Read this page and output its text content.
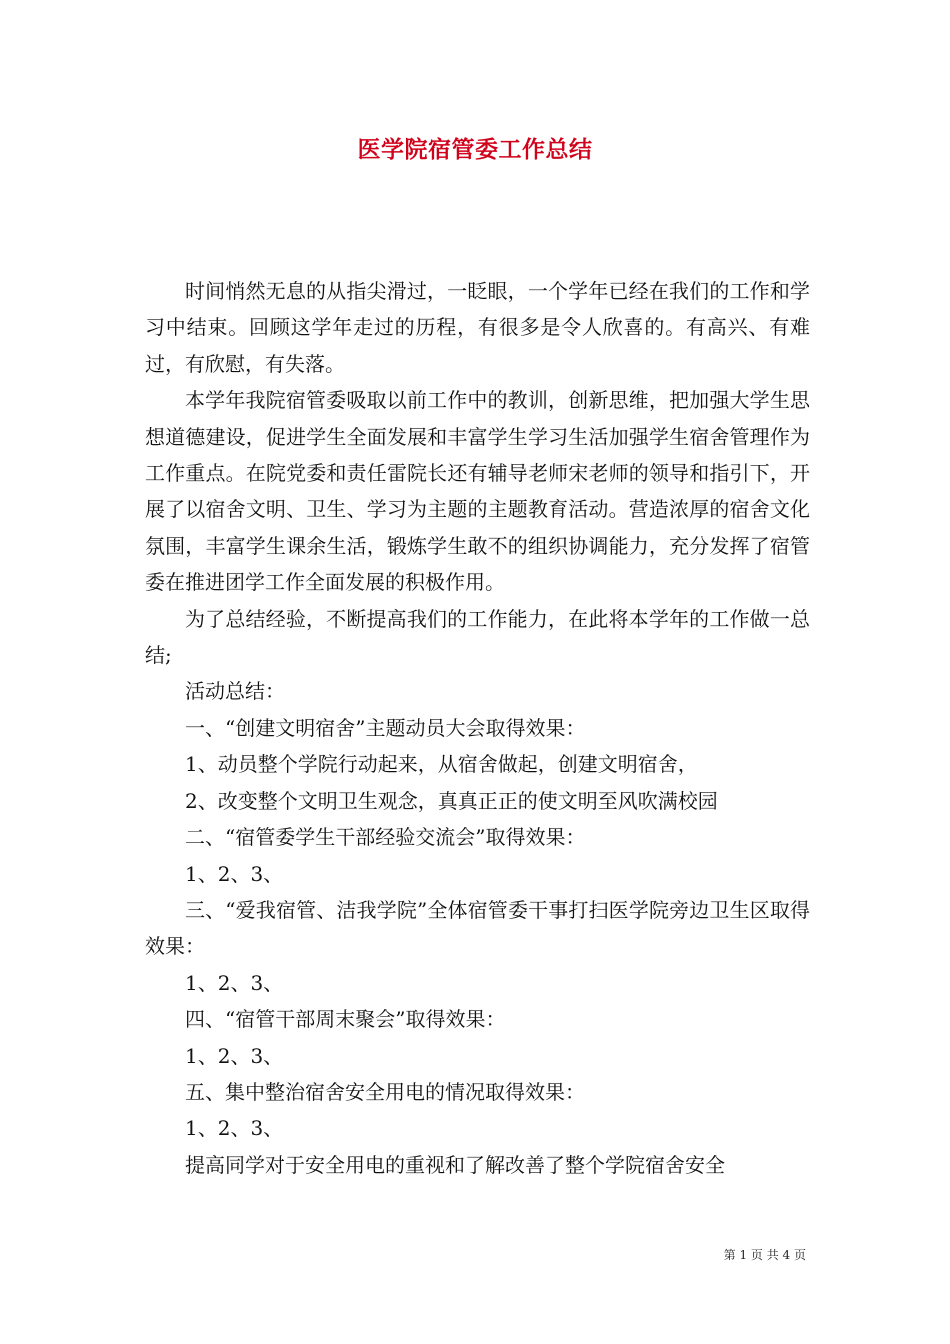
医学院宿管委工作总结

时间悄然无息的从指尖滑过，一眨眼，一个学年已经在我们的工作和学习中结束。回顾这学年走过的历程，有很多是令人欣喜的。有高兴、有难过，有欣慰，有失落。

本学年我院宿管委吸取以前工作中的教训，创新思维，把加强大学生思想道德建设，促进学生全面发展和丰富学生学习生活加强学生宿舍管理作为工作重点。在院党委和责任雷院长还有辅导老师宋老师的领导和指引下，开展了以宿舍文明、卫生、学习为主题的主题教育活动。营造浓厚的宿舍文化氛围，丰富学生课余生活，锻炼学生敢不的组织协调能力，充分发挥了宿管委在推进团学工作全面发展的积极作用。

为了总结经验，不断提高我们的工作能力，在此将本学年的工作做一总结;

活动总结：

一、“创建文明宿舍”主题动员大会取得效果：

1、动员整个学院行动起来，从宿舍做起，创建文明宿舍，

2、改变整个文明卫生观念，真真正正的使文明至风吹满校园

二、“宿管委学生干部经验交流会”取得效果：

1、2、3、

三、“爱我宿管、洁我学院”全体宿管委干事打扫医学院旁边卫生区取得效果：

1、2、3、

四、“宿管干部周末聚会”取得效果：

1、2、3、

五、集中整治宿舍安全用电的情况取得效果：

1、2、3、

提高同学对于安全用电的重视和了解改善了整个学院宿舍安全

第 1 页 共 4 页
